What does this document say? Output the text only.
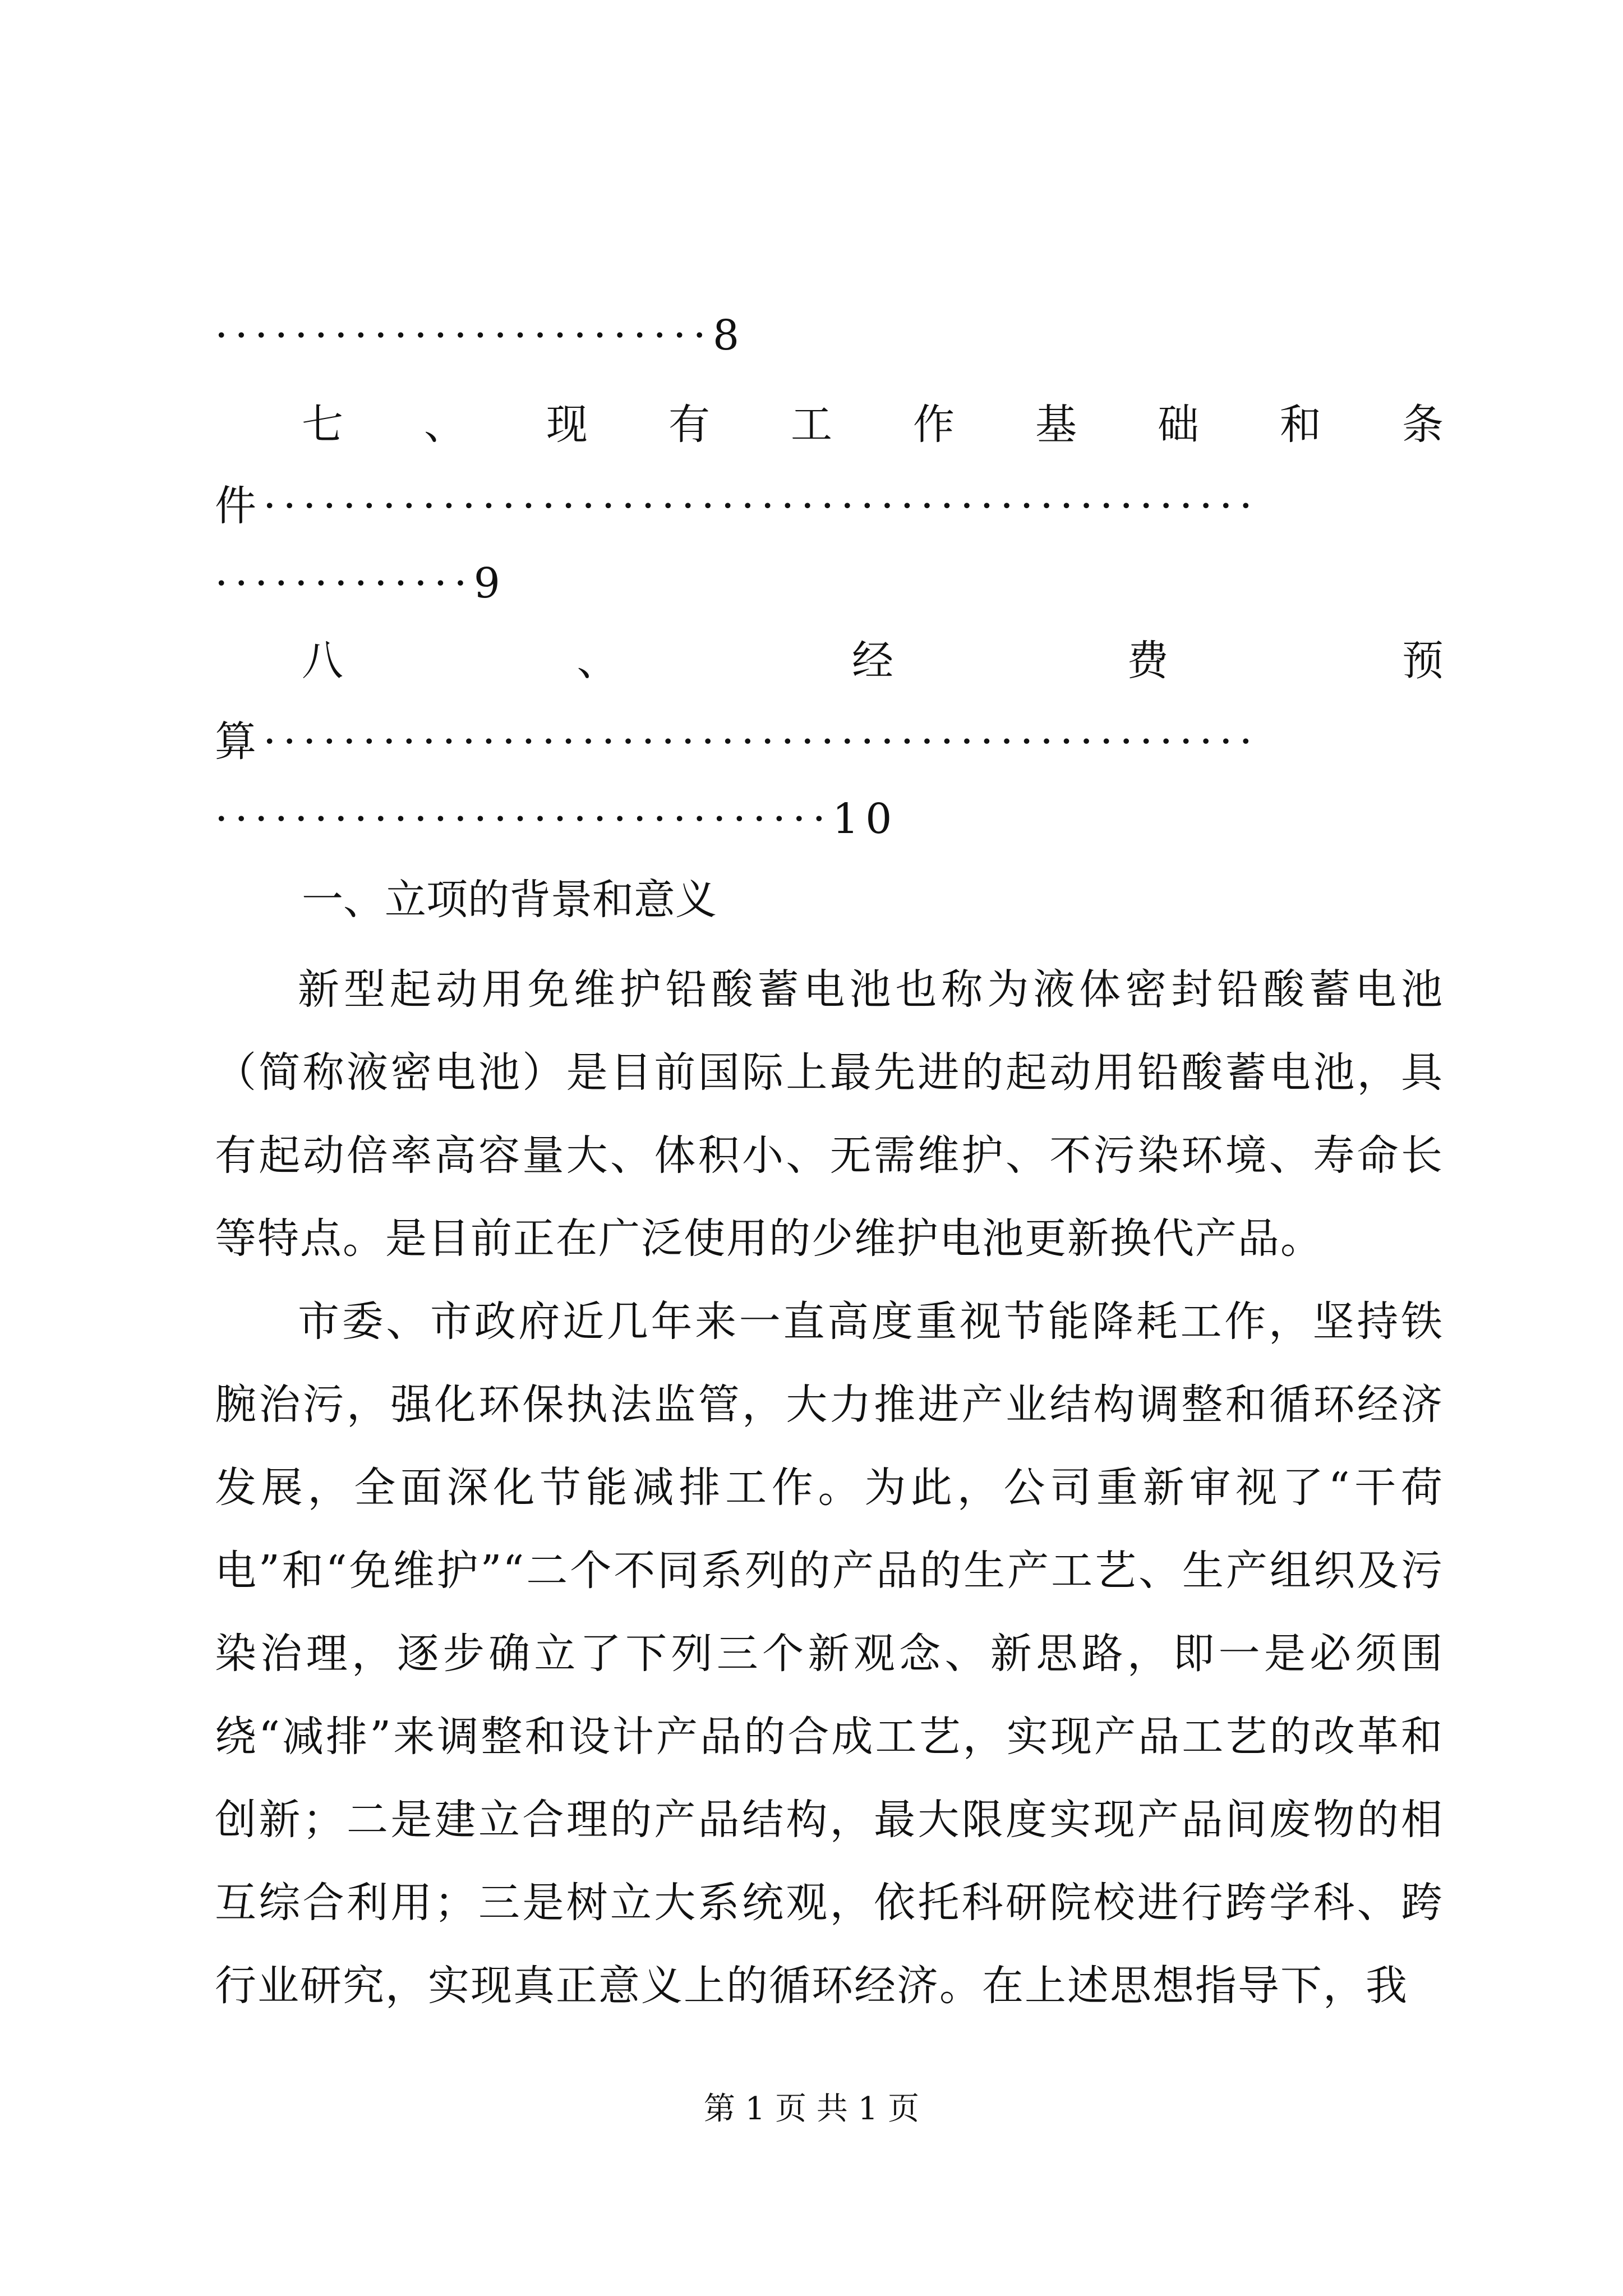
·························8
七 、 现 有 工 作 基 础 和 条
件··················································
·············9
八	、	经	费	预
算··················································
·······························10
一、立项的背景和意义

新型起动用免维护铅酸蓄电池也称为液体密封铅酸蓄电池（简称液密电池）是目前国际上最先进的起动用铅酸蓄电池，具有起动倍率高容量大、体积小、无需维护、不污染环境、寿命长等特点。是目前正在广泛使用的少维护电池更新换代产品。

市委、市政府近几年来一直高度重视节能降耗工作，坚持铁腕治污，强化环保执法监管，大力推进产业结构调整和循环经济发展，全面深化节能减排工作。为此，公司重新审视了“干荷电”和“免维护”“二个不同系列的产品的生产工艺、生产组织及污染治理，逐步确立了下列三个新观念、新思路，即一是必须围绕“减排”来调整和设计产品的合成工艺，实现产品工艺的改革和创新；二是建立合理的产品结构，最大限度实现产品间废物的相互综合利用；三是树立大系统观，依托科研院校进行跨学科、跨行业研究，实现真正意义上的循环经济。在上述思想指导下，我

第 1 页 共 1 页
